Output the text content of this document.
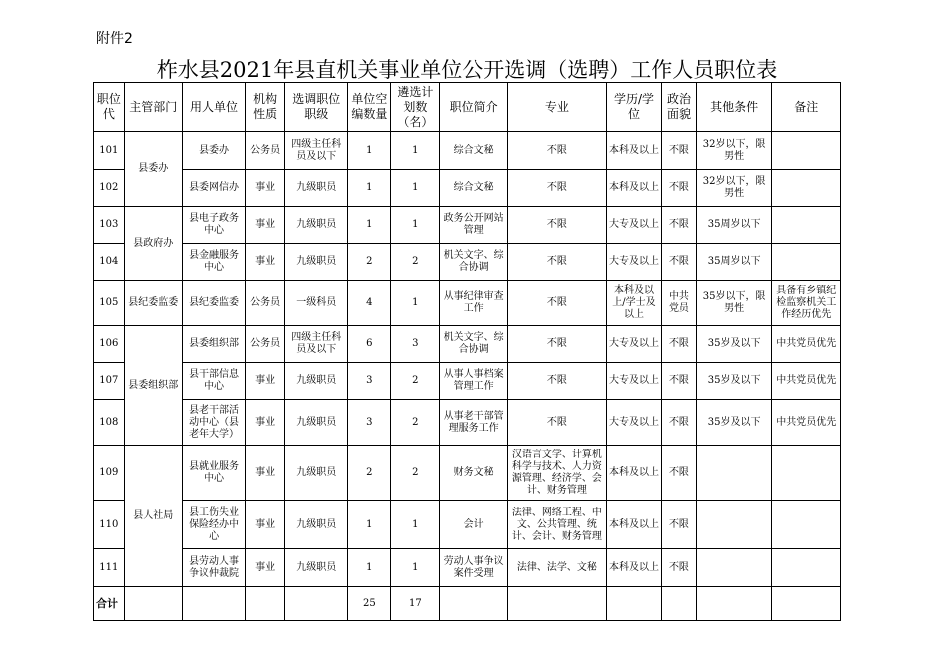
附件2
柞水县2021年县直机关事业单位公开选调（选聘）工作人员职位表
职位代	主管部门	用人单位	机构性质	选调职位职级	单位空编数量	遴选计划数（名）	职位简介	专业	学历/学位	政治面貌	其他条件	备注
101	县委办	县委办	公务员	四级主任科员及以下	1	1	综合文秘	不限	本科及以上	不限	32岁以下，限男性	
102		县委网信办	事业	九级职员	1	1	综合文秘	不限	本科及以上	不限	32岁以下，限男性	
103	县政府办	县电子政务中心	事业	九级职员	1	1	政务公开网站管理	不限	大专及以上	不限	35周岁以下	
104		县金融服务中心	事业	九级职员	2	2	机关文字、综合协调	不限	大专及以上	不限	35周岁以下	
105	县纪委监委	县纪委监委	公务员	一级科员	4	1	从事纪律审查工作	不限	本科及以上/学士及以上	中共党员	35岁以下，限男性	具备有乡镇纪检监察机关工作经历优先

106	县委组织部	县委组织部	公务员	四级主任科员及以下	6	3	机关文字、综合协调	不限	大专及以上	不限	35岁及以下	中共党员优先
107		县干部信息中心	事业	九级职员	3	2	从事人事档案管理工作	不限	大专及以上	不限	35岁及以下	中共党员优先
108		县老干部活动中心（县老年大学）	事业	九级职员	3	2	从事老干部管理服务工作	不限	大专及以上	不限	35岁及以下	中共党员优先
109	县人社局	县就业服务中心	事业	九级职员	2	2	财务文秘	汉语言文学、计算机科学与技术、人力资源管理、经济学、会计、财务管理	本科及以上	不限		
110		县工伤失业保险经办中心	事业	九级职员	1	1	会计	法律、网络工程、中文、公共管理、统计、会计、财务管理	本科及以上	不限		
111		县劳动人事争议仲裁院	事业	九级职员	1	1	劳动人事争议案件受理	法律、法学、文秘	本科及以上	不限		
合计					25	17						
